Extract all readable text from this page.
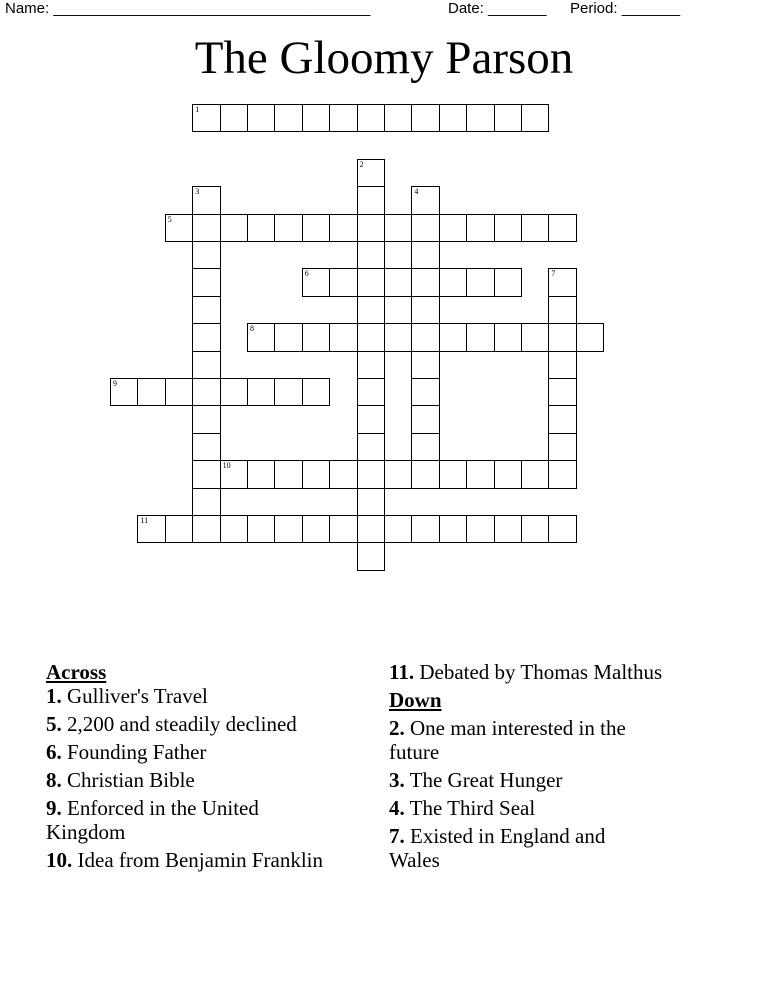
Name: ______________________________________	Date: _______ Period: _______
The Gloomy Parson
1
2
3	4
5
6	7
8
9
10
11
Across
1. Gulliver's Travel
5. 2,200 and steadily declined
6. Founding Father
8. Christian Bible
9. Enforced in the United Kingdom
10. Idea from Benjamin Franklin
11. Debated by Thomas Malthus
Down
2. One man interested in the future
3. The Great Hunger
4. The Third Seal
7. Existed in England and Wales
